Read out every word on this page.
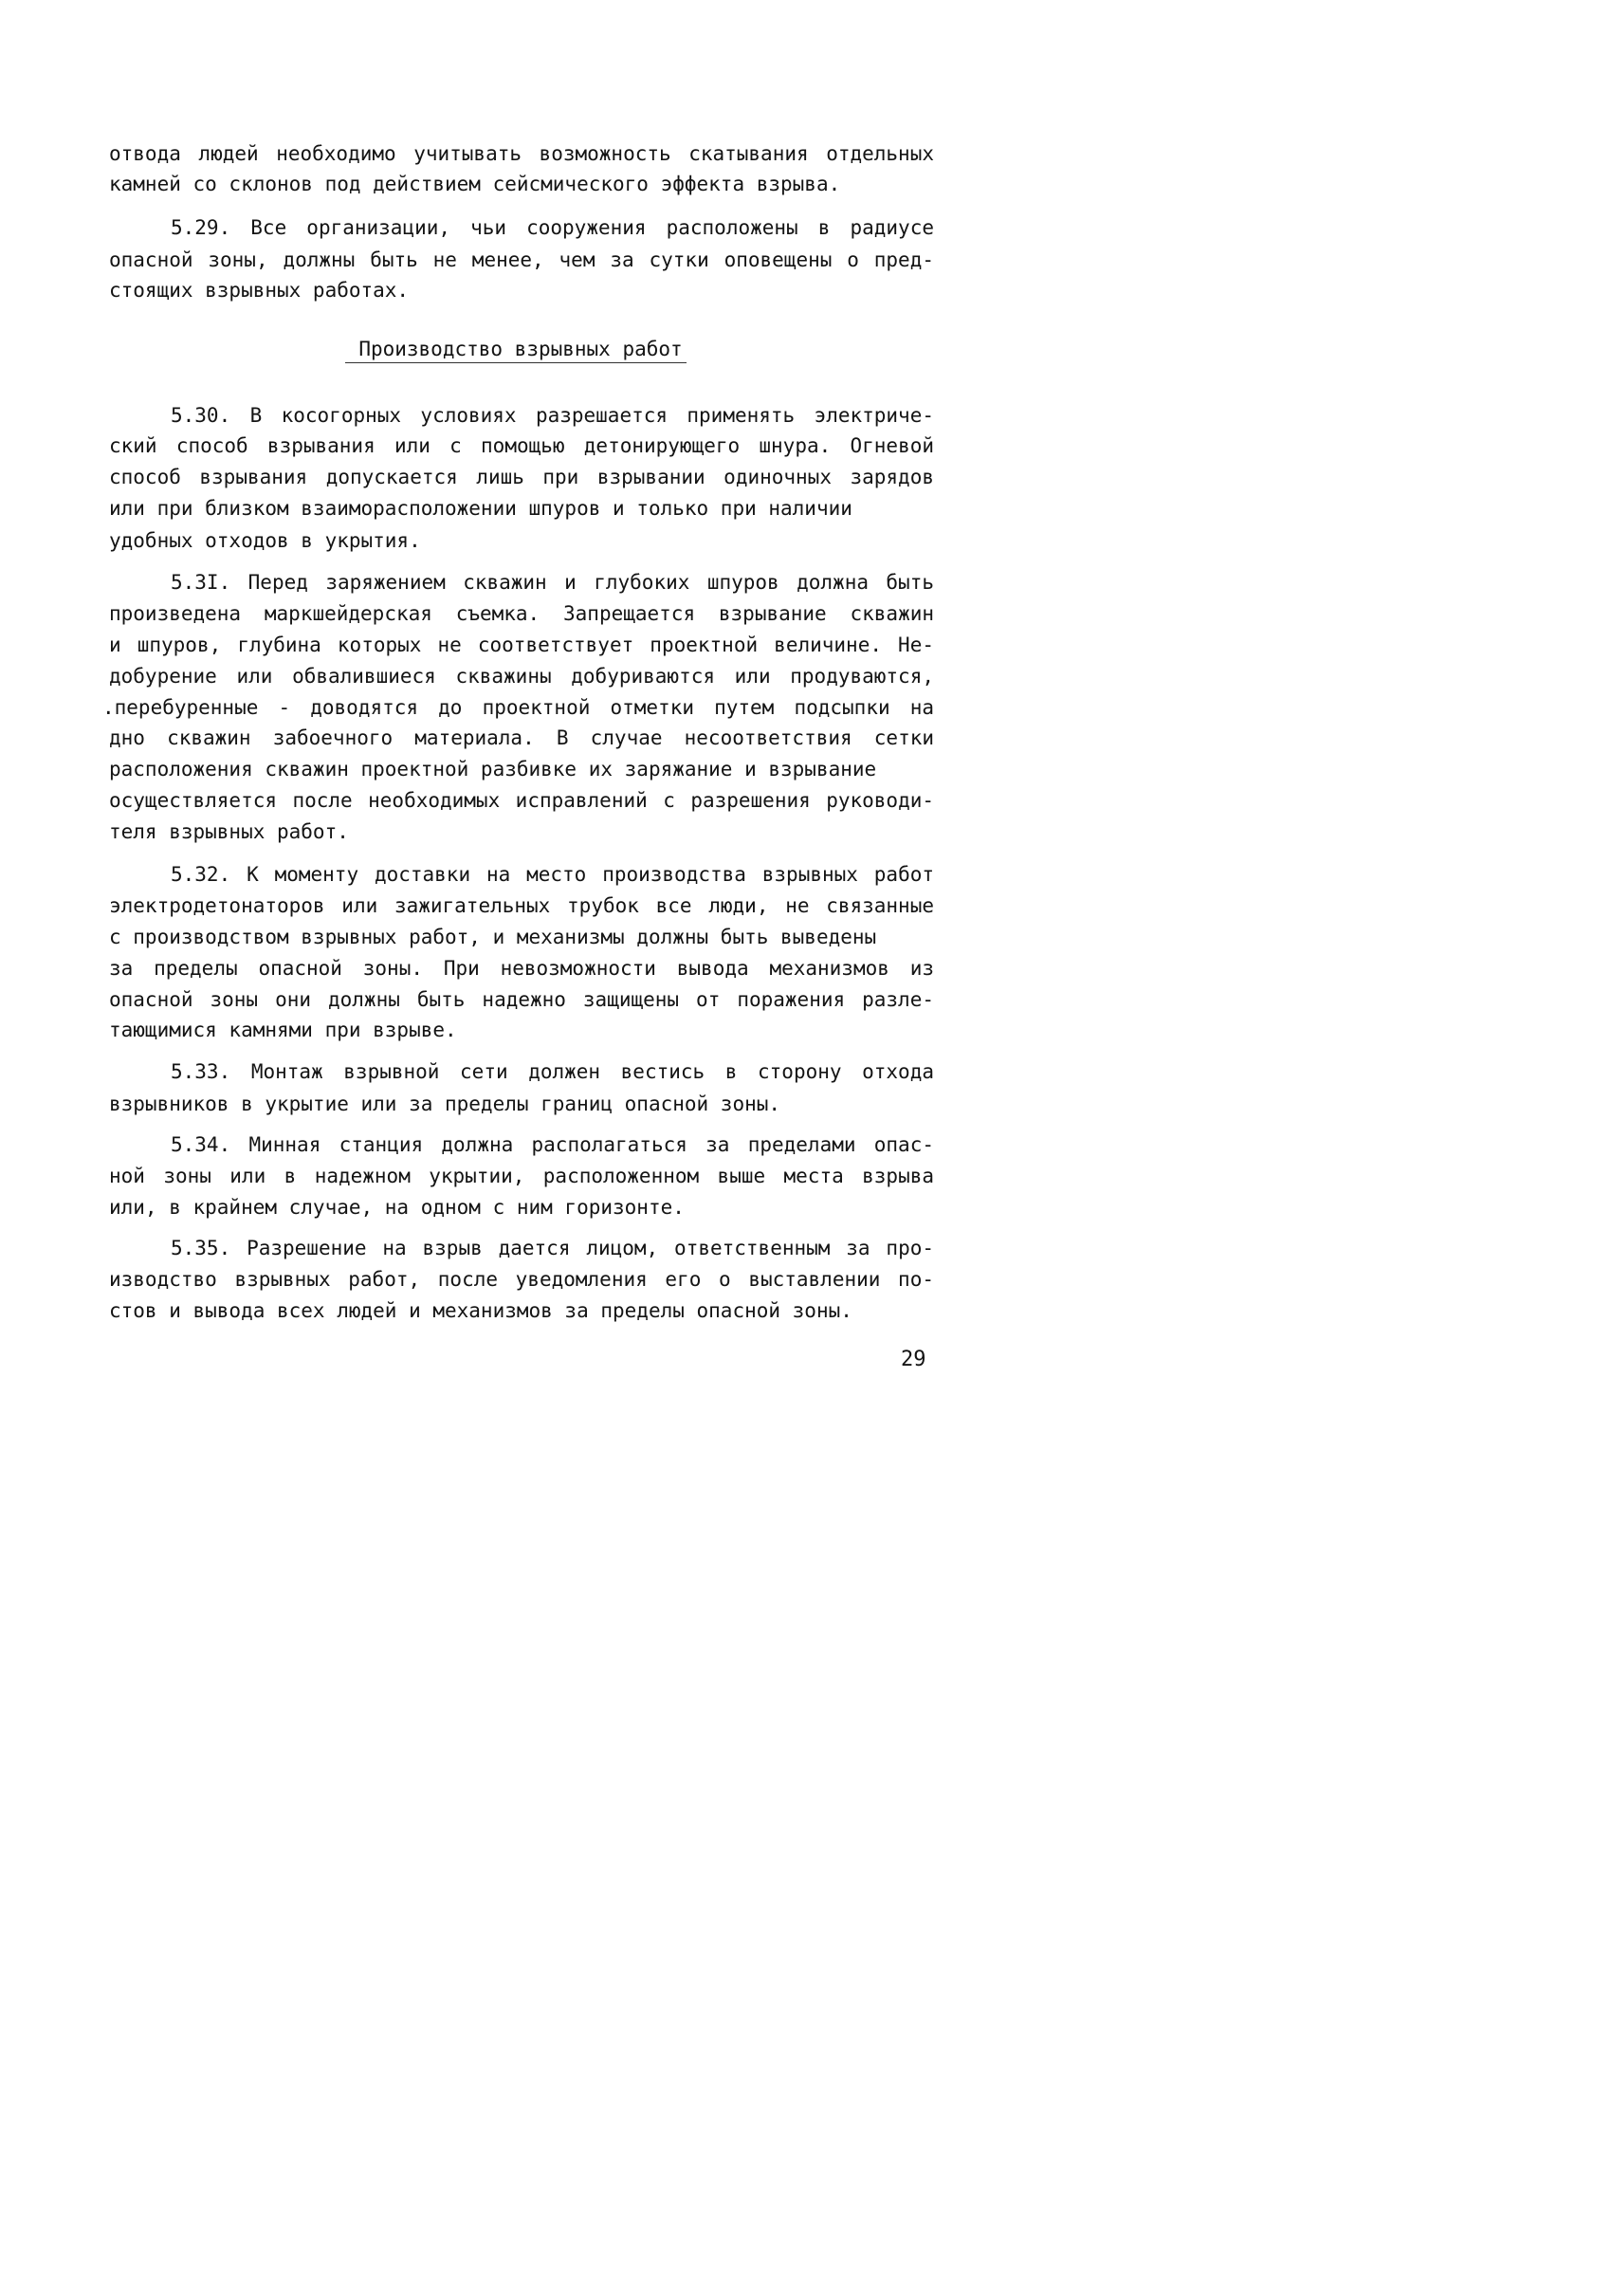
отвода людей необходимо учитывать возможность скатывания отдельных
камней со склонов под действием сейсмического эффекта взрыва.
5.29. Все организации, чьи сооружения расположены в радиусе
опасной зоны, должны быть не менее, чем за сутки оповещены о пред-
стоящих взрывных работах.
Производство взрывных работ
5.30. В косогорных условиях разрешается применять электриче-
ский способ взрывания или с помощью детонирующего шнура. Огневой
способ взрывания допускается лишь при взрывании одиночных зарядов
или при близком взаиморасположении шпуров и только при наличии
удобных отходов в укрытия.
5.3I. Перед заряжением скважин и глубоких шпуров должна быть
произведена маркшейдерская съемка. Запрещается взрывание скважин
и шпуров, глубина которых не соответствует проектной величине. Не-
добурение или обвалившиеся скважины добуриваются или продуваются,
.перебуренные - доводятся до проектной отметки путем подсыпки на
дно скважин забоечного материала. В случае несоответствия сетки
расположения скважин проектной разбивке их заряжание и взрывание
осуществляется после необходимых исправлений с разрешения руководи-
теля взрывных работ.
5.32. К моменту доставки на место производства взрывных работ
электродетонаторов или зажигательных трубок все люди, не связанные
с производством взрывных работ, и механизмы должны быть выведены
за пределы опасной зоны. При невозможности вывода механизмов из
опасной зоны они должны быть надежно защищены от поражения разле-
тающимися камнями при взрыве.
5.33. Монтаж взрывной сети должен вестись в сторону отхода
взрывников в укрытие или за пределы границ опасной зоны.
5.34. Минная станция должна располагаться за пределами опас-
ной зоны или в надежном укрытии, расположенном выше места взрыва
или, в крайнем случае, на одном с ним горизонте.
5.35. Разрешение на взрыв дается лицом, ответственным за про-
изводство взрывных работ, после уведомления его о выставлении по-
стов и вывода всех людей и механизмов за пределы опасной зоны.
29
